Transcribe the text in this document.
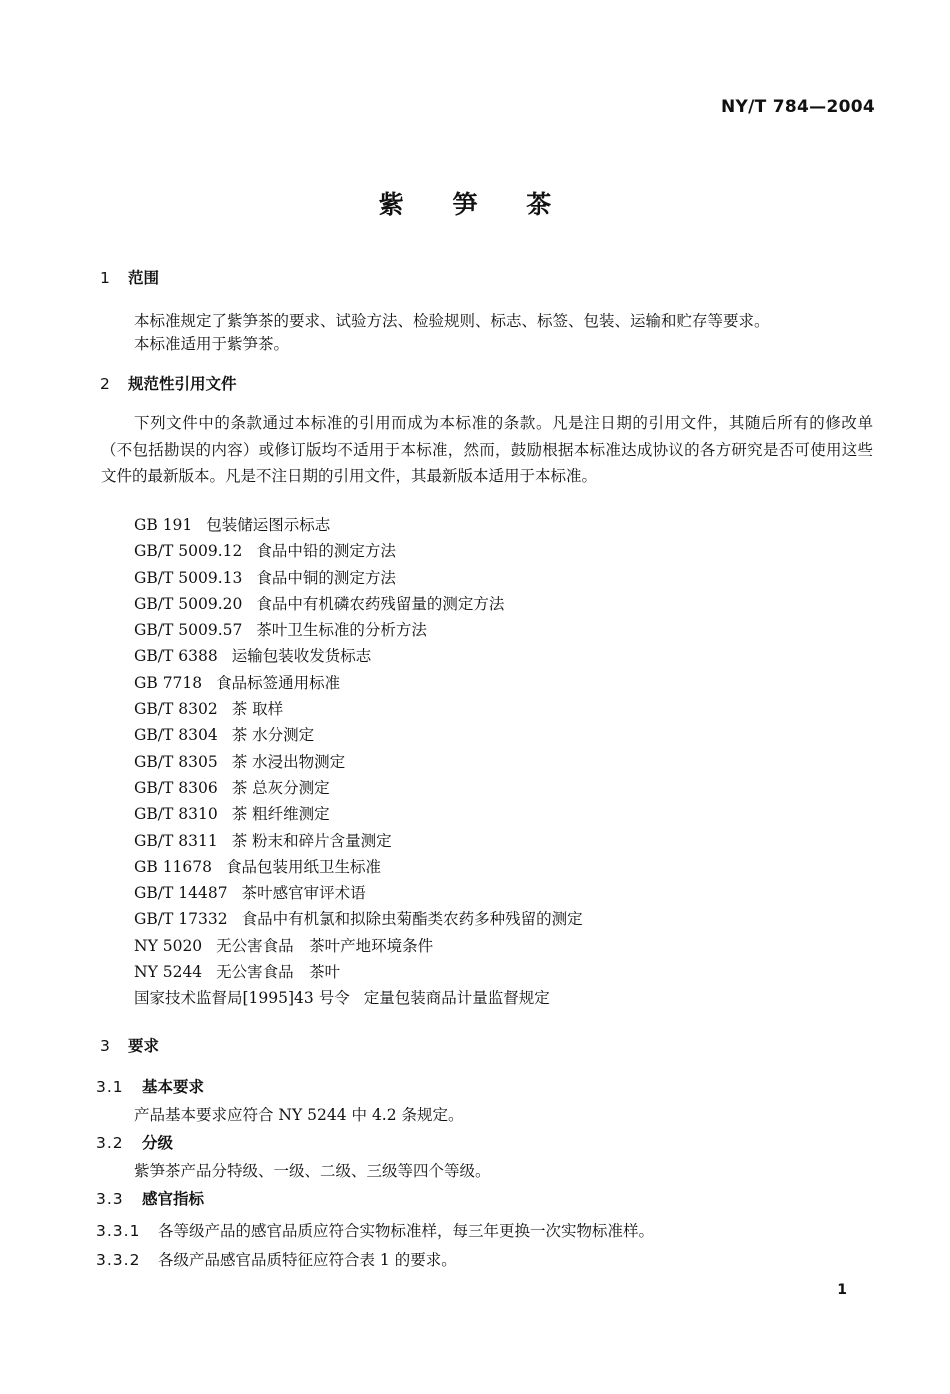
NY/T 784—2004
紫 笋 茶
1 范围
本标准规定了紫笋茶的要求、试验方法、检验规则、标志、标签、包装、运输和贮存等要求。
本标准适用于紫笋茶。
2 规范性引用文件
下列文件中的条款通过本标准的引用而成为本标准的条款。凡是注日期的引用文件，其随后所有的修改单（不包括勘误的内容）或修订版均不适用于本标准，然而，鼓励根据本标准达成协议的各方研究是否可使用这些文件的最新版本。凡是不注日期的引用文件，其最新版本适用于本标准。
GB 191 包装储运图示标志
GB/T 5009.12 食品中铅的测定方法
GB/T 5009.13 食品中铜的测定方法
GB/T 5009.20 食品中有机磷农药残留量的测定方法
GB/T 5009.57 茶叶卫生标准的分析方法
GB/T 6388 运输包装收发货标志
GB 7718 食品标签通用标准
GB/T 8302 茶 取样
GB/T 8304 茶 水分测定
GB/T 8305 茶 水浸出物测定
GB/T 8306 茶 总灰分测定
GB/T 8310 茶 粗纤维测定
GB/T 8311 茶 粉末和碎片含量测定
GB 11678 食品包装用纸卫生标准
GB/T 14487 茶叶感官审评术语
GB/T 17332 食品中有机氯和拟除虫菊酯类农药多种残留的测定
NY 5020 无公害食品　茶叶产地环境条件
NY 5244 无公害食品　茶叶
国家技术监督局[1995]43 号令 定量包装商品计量监督规定
3 要求
3.1 基本要求
产品基本要求应符合 NY 5244 中 4.2 条规定。
3.2 分级
紫笋茶产品分特级、一级、二级、三级等四个等级。
3.3 感官指标
3.3.1 各等级产品的感官品质应符合实物标准样，每三年更换一次实物标准样。
3.3.2 各级产品感官品质特征应符合表 1 的要求。
1
